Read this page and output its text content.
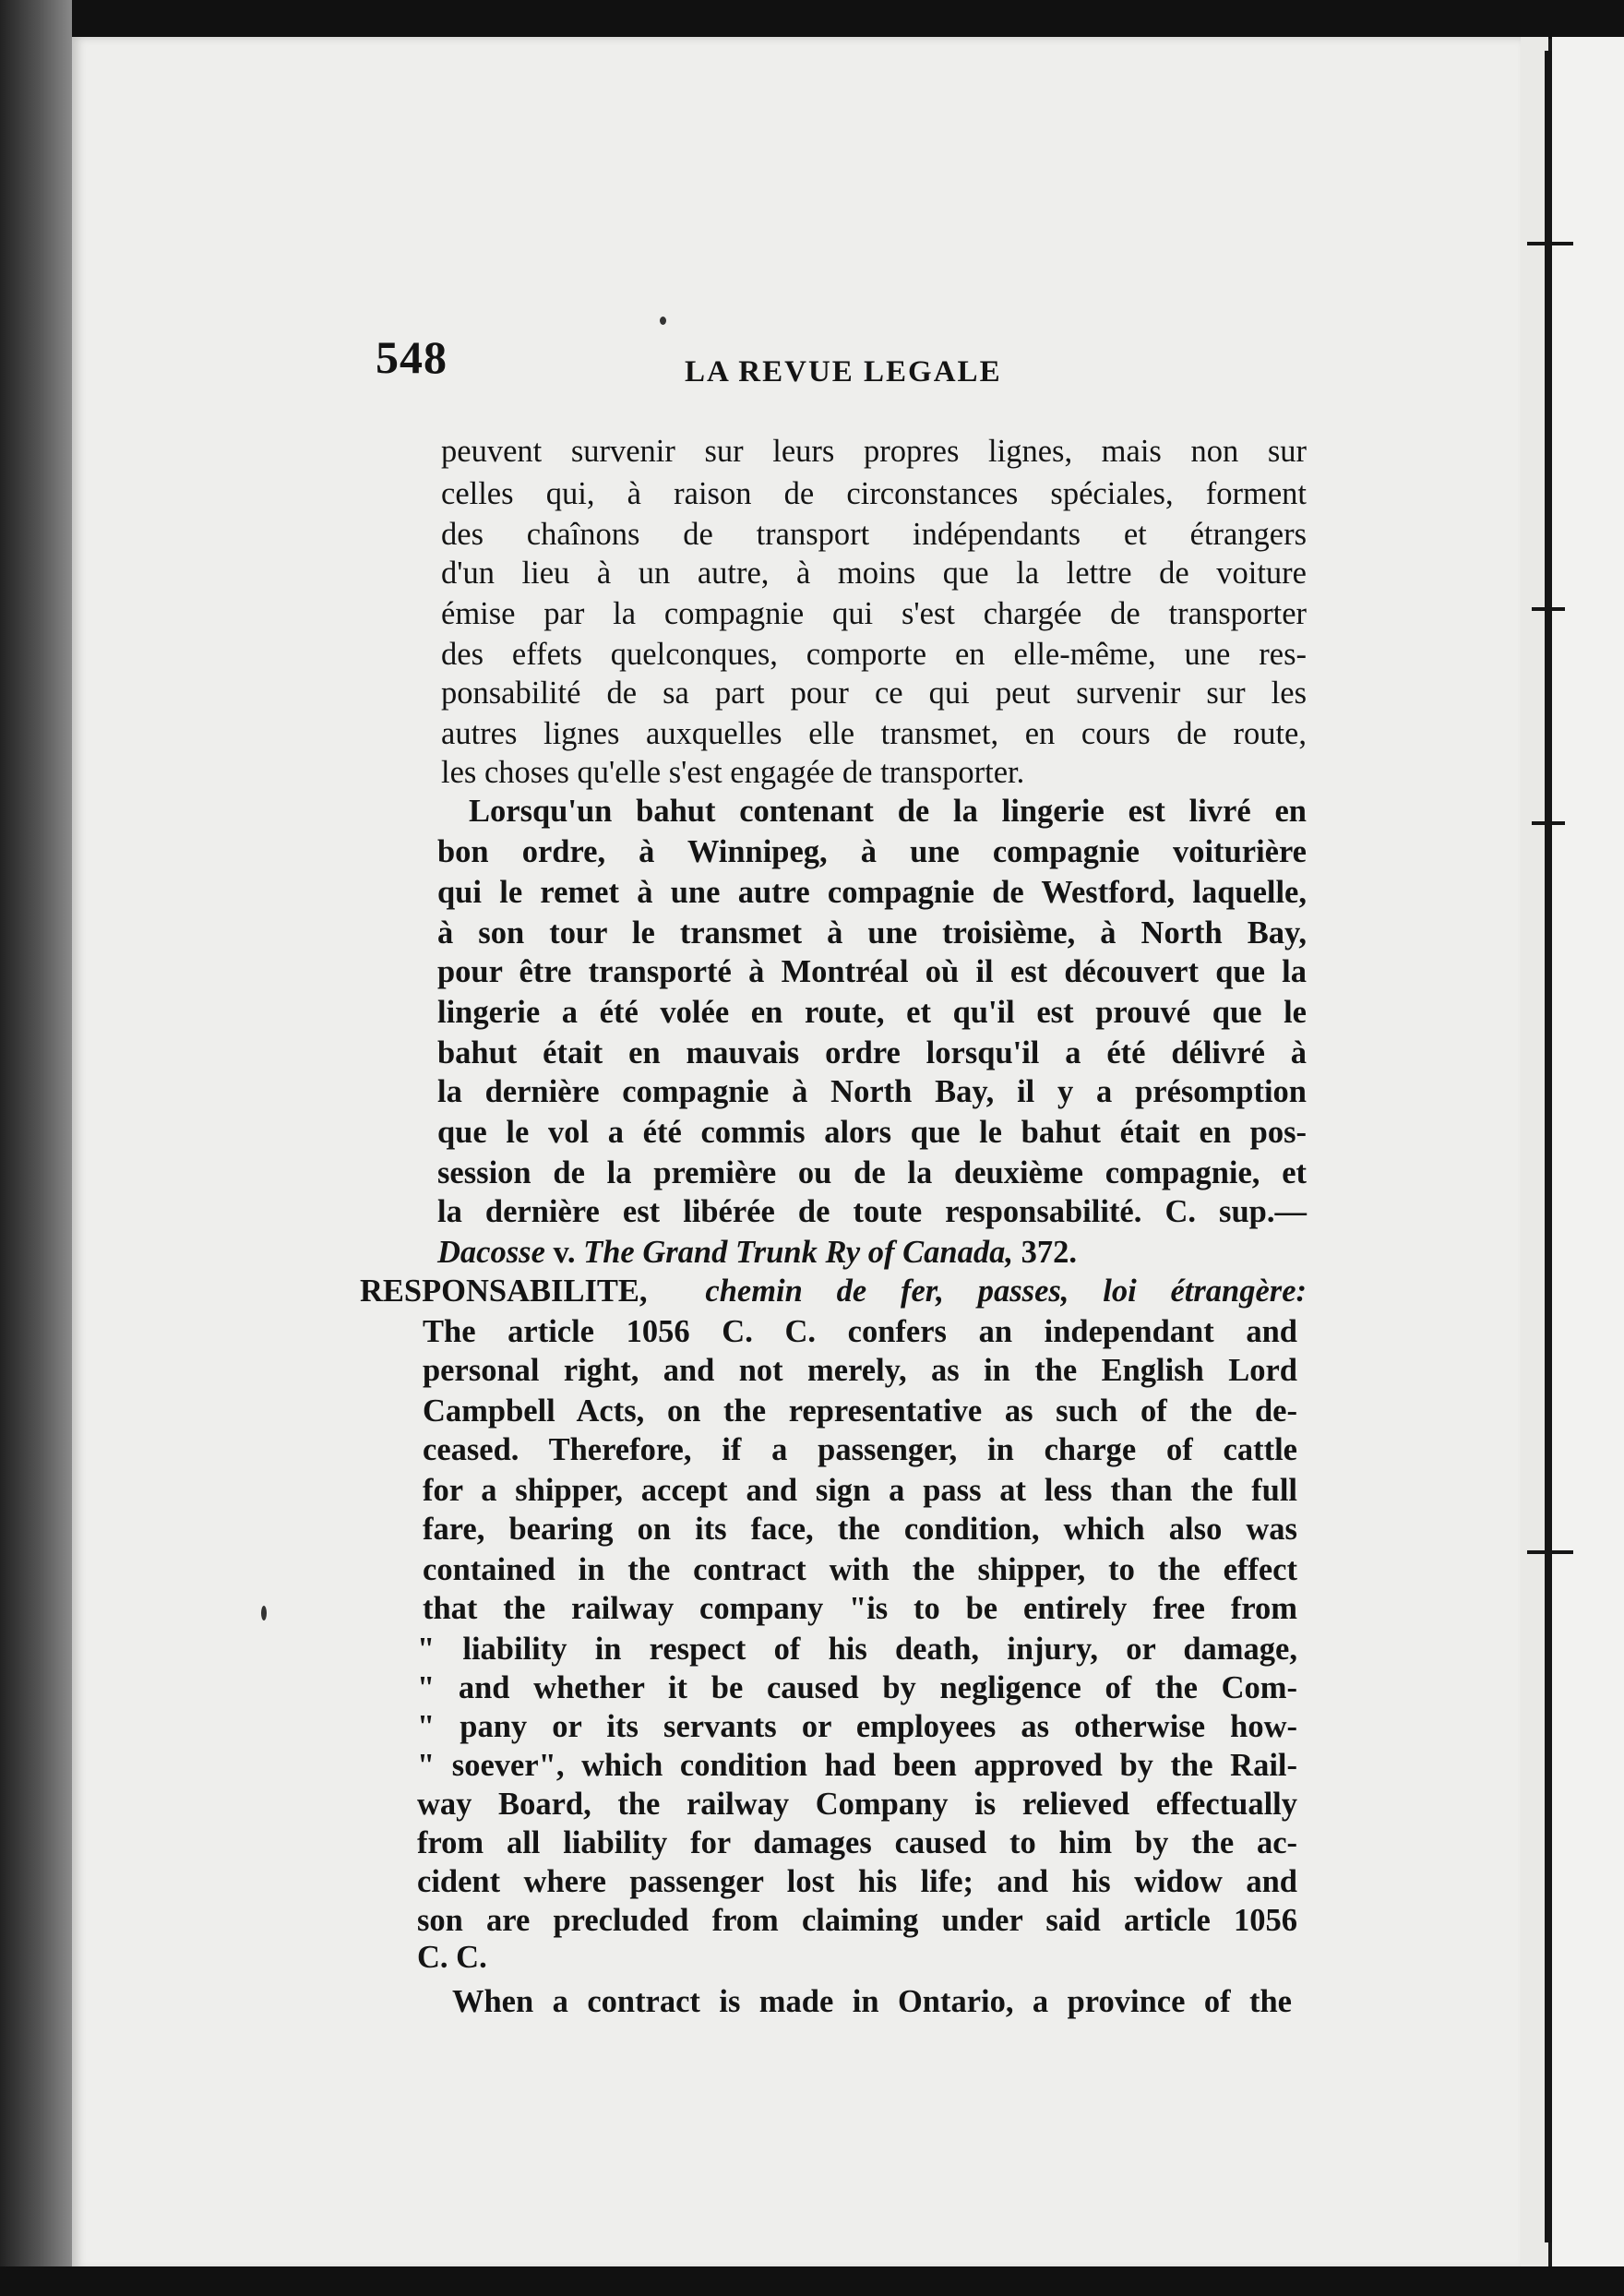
548	LA REVUE LEGALE
peuvent survenir sur leurs propres lignes, mais non sur
celles qui, à raison de circonstances spéciales, forment
des chaînons de transport indépendants et étrangers
d'un lieu à un autre, à moins que la lettre de voiture
émise par la compagnie qui s'est chargée de transporter
des effets quelconques, comporte en elle-même, une res-
ponsabilité de sa part pour ce qui peut survenir sur les
autres lignes auxquelles elle transmet, en cours de route,
les choses qu'elle s'est engagée de transporter.
Lorsqu'un bahut contenant de la lingerie est livré en
bon ordre, à Winnipeg, à une compagnie voiturière
qui le remet à une autre compagnie de Westford, laquelle,
à son tour le transmet à une troisième, à North Bay,
pour être transporté à Montréal où il est découvert que la
lingerie a été volée en route, et qu'il est prouvé que le
bahut était en mauvais ordre lorsqu'il a été délivré à
la dernière compagnie à North Bay, il y a présomption
que le vol a été commis alors que le bahut était en pos-
session de la première ou de la deuxième compagnie, et
la dernière est libérée de toute responsabilité. C. sup.—
Dacosse v. The Grand Trunk Ry of Canada, 372.
RESPONSABILITE, chemin de fer, passes, loi étrangère:
The article 1056 C. C. confers an independant and
personal right, and not merely, as in the English Lord
Campbell Acts, on the representative as such of the de-
ceased. Therefore, if a passenger, in charge of cattle
for a shipper, accept and sign a pass at less than the full
fare, bearing on its face, the condition, which also was
contained in the contract with the shipper, to the effect
that the railway company "is to be entirely free from
" liability in respect of his death, injury, or damage,
" and whether it be caused by negligence of the Com-
" pany or its servants or employees as otherwise how-
" soever", which condition had been approved by the Rail-
way Board, the railway Company is relieved effectually
from all liability for damages caused to him by the ac-
cident where passenger lost his life; and his widow and
son are precluded from claiming under said article 1056
C. C.
When a contract is made in Ontario, a province of the
